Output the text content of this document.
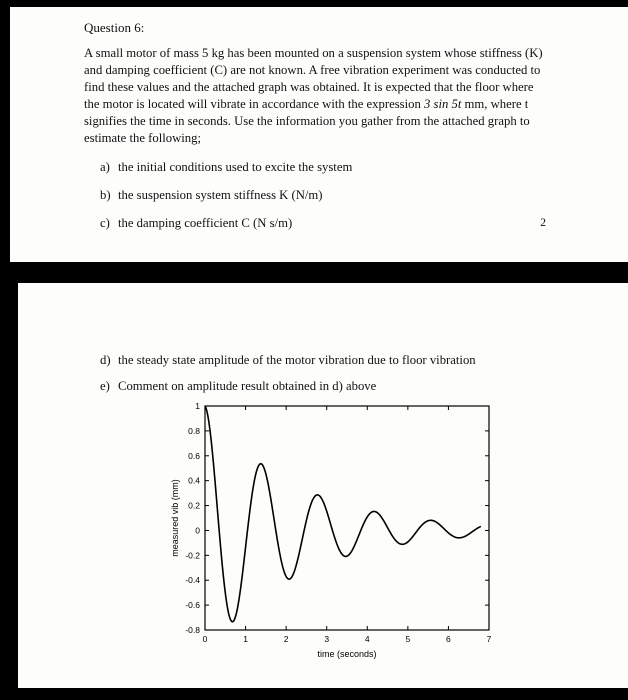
Question 6:

A small motor of mass 5 kg has been mounted on a suspension system whose stiffness (K) and damping coefficient (C) are not known. A free vibration experiment was conducted to find these values and the attached graph was obtained. It is expected that the floor where the motor is located will vibrate in accordance with the expression 3 sin 5t mm, where t signifies the time in seconds. Use the information you gather from the attached graph to estimate the following;

a) the initial conditions used to excite the system
b) the suspension system stiffness K (N/m)
c) the damping coefficient C (N s/m)	2
d) the steady state amplitude of the motor vibration due to floor vibration
e) Comment on amplitude result obtained in d) above
0	1	2	3	4	5	6	7
1
0.8
0.6
0.4
0.2
0
-0.2
-0.4
-0.6
-0.8
time (seconds)
measured vib (mm)
